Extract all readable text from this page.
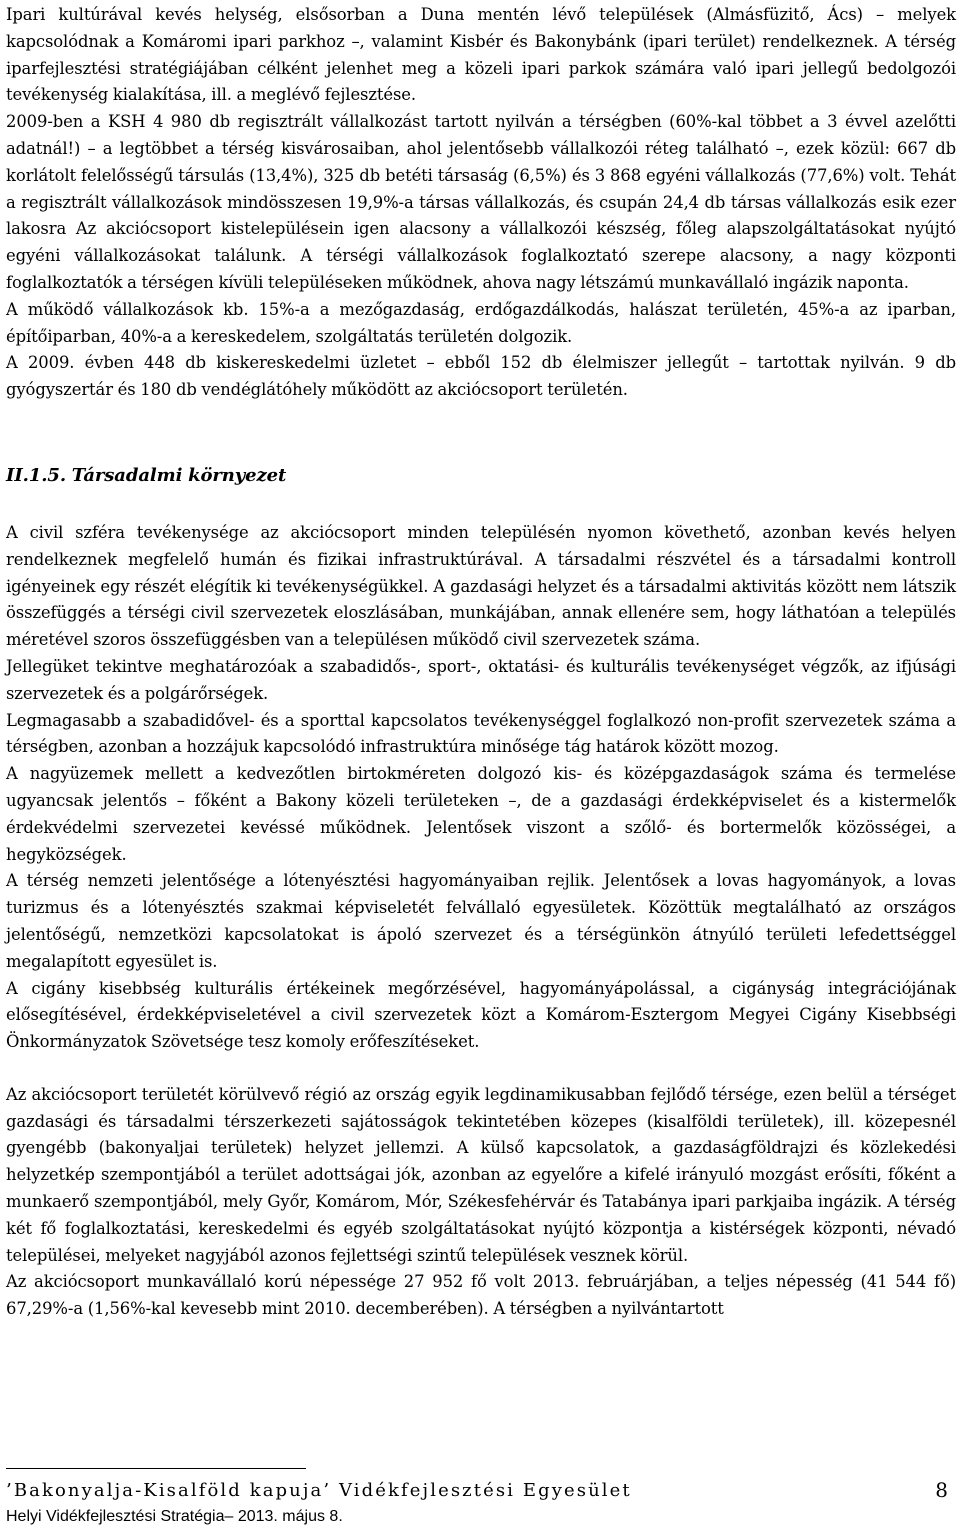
Ipari kultúrával kevés helység, elsősorban a Duna mentén lévő települések (Almásfüzitő, Ács) – melyek kapcsolódnak a Komáromi ipari parkhoz –, valamint Kisbér és Bakonybánk (ipari terület) rendelkeznek. A térség iparfejlesztési stratégiájában célként jelenhet meg a közeli ipari parkok számára való ipari jellegű bedolgozói tevékenység kialakítása, ill. a meglévő fejlesztése.

2009-ben a KSH 4 980 db regisztrált vállalkozást tartott nyilván a térségben (60%-kal többet a 3 évvel azelőtti adatnál!) – a legtöbbet a térség kisvárosaiban, ahol jelentősebb vállalkozói réteg található –, ezek közül: 667 db korlátolt felelősségű társulás (13,4%), 325 db betéti társaság (6,5%) és 3 868 egyéni vállalkozás (77,6%) volt. Tehát a regisztrált vállalkozások mindösszesen 19,9%-a társas vállalkozás, és csupán 24,4 db társas vállalkozás esik ezer lakosra Az akciócsoport kistelepülésein igen alacsony a vállalkozói készség, főleg alapszolgáltatásokat nyújtó egyéni vállalkozásokat találunk. A térségi vállalkozások foglalkoztató szerepe alacsony, a nagy központi foglalkoztatók a térségen kívüli településeken működnek, ahova nagy létszámú munkavállaló ingázik naponta.

A működő vállalkozások kb. 15%-a a mezőgazdaság, erdőgazdálkodás, halászat területén, 45%-a az iparban, építőiparban, 40%-a a kereskedelem, szolgáltatás területén dolgozik.

A 2009. évben 448 db kiskereskedelmi üzletet – ebből 152 db élelmiszer jellegűt – tartottak nyilván. 9 db gyógyszertár és 180 db vendéglátóhely működött az akciócsoport területén.

II.1.5. Társadalmi környezet

A civil szféra tevékenysége az akciócsoport minden településén nyomon követhető, azonban kevés helyen rendelkeznek megfelelő humán és fizikai infrastruktúrával. A társadalmi részvétel és a társadalmi kontroll igényeinek egy részét elégítik ki tevékenységükkel. A gazdasági helyzet és a társadalmi aktivitás között nem látszik összefüggés a térségi civil szervezetek eloszlásában, munkájában, annak ellenére sem, hogy láthatóan a település méretével szoros összefüggésben van a településen működő civil szervezetek száma.

Jellegüket tekintve meghatározóak a szabadidős-, sport-, oktatási- és kulturális tevékenységet végzők, az ifjúsági szervezetek és a polgárőrségek.

Legmagasabb a szabadidővel- és a sporttal kapcsolatos tevékenységgel foglalkozó non-profit szervezetek száma a térségben, azonban a hozzájuk kapcsolódó infrastruktúra minősége tág határok között mozog.

A nagyüzemek mellett a kedvezőtlen birtokméreten dolgozó kis- és középgazdaságok száma és termelése ugyancsak jelentős – főként a Bakony közeli területeken –, de a gazdasági érdekképviselet és a kistermelők érdekvédelmi szervezetei kevéssé működnek. Jelentősek viszont a szőlő- és bortermelők közösségei, a hegyközségek.

A térség nemzeti jelentősége a lótenyésztési hagyományaiban rejlik. Jelentősek a lovas hagyományok, a lovas turizmus és a lótenyésztés szakmai képviseletét felvállaló egyesületek. Közöttük megtalálható az országos jelentőségű, nemzetközi kapcsolatokat is ápoló szervezet és a térségünkön átnyúló területi lefedettséggel megalapított egyesület is.

A cigány kisebbség kulturális értékeinek megőrzésével, hagyományápolással, a cigányság integrációjának elősegítésével, érdekképviseletével a civil szervezetek közt a Komárom-Esztergom Megyei Cigány Kisebbségi Önkormányzatok Szövetsége tesz komoly erőfeszítéseket.

Az akciócsoport területét körülvevő régió az ország egyik legdinamikusabban fejlődő térsége, ezen belül a térséget gazdasági és társadalmi térszerkezeti sajátosságok tekintetében közepes (kisalföldi területek), ill. közepesnél gyengébb (bakonyaljai területek) helyzet jellemzi. A külső kapcsolatok, a gazdaságföldrajzi és közlekedési helyzetkép szempontjából a terület adottságai jók, azonban az egyelőre a kifelé irányuló mozgást erősíti, főként a munkaerő szempontjából, mely Győr, Komárom, Mór, Székesfehérvár és Tatabánya ipari parkjaiba ingázik. A térség két fő foglalkoztatási, kereskedelmi és egyéb szolgáltatásokat nyújtó központja a kistérségek központi, névadó települései, melyeket nagyjából azonos fejlettségi szintű települések vesznek körül.

Az akciócsoport munkavállaló korú népessége 27 952 fő volt 2013. februárjában, a teljes népesség (41 544 fő) 67,29%-a (1,56%-kal kevesebb mint 2010. decemberében). A térségben a nyilvántartott

’Bakonyalja-Kisalföld kapuja’ Vidékfejlesztési Egyesület	8
Helyi Vidékfejlesztési Stratégia– 2013. május 8.
